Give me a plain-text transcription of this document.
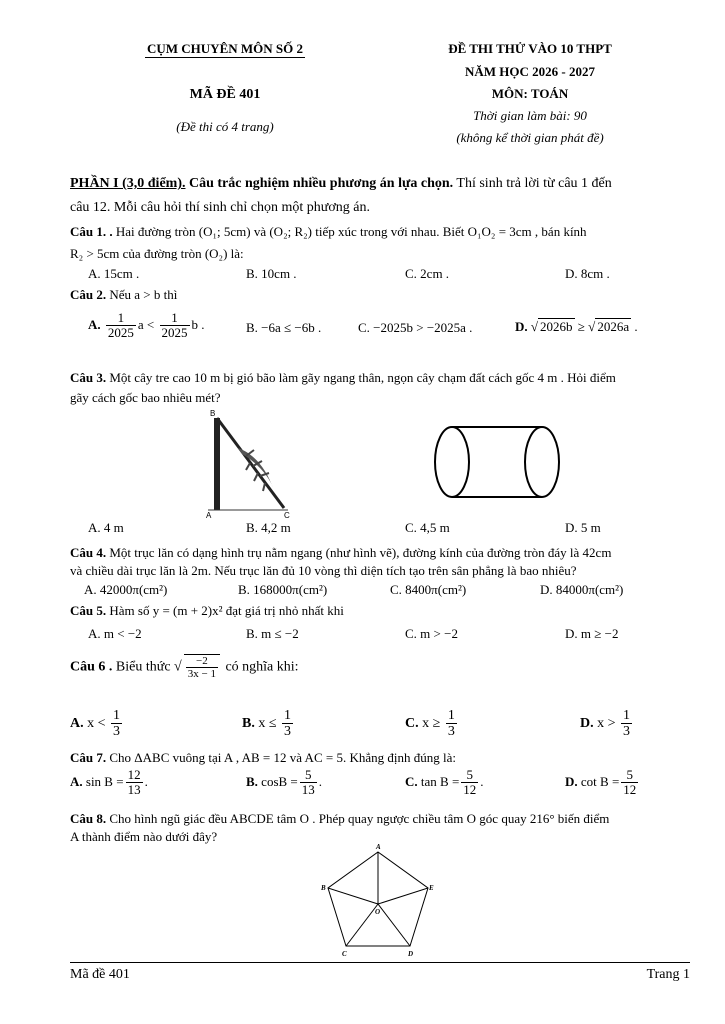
CỤM CHUYÊN MÔN SỐ 2
MÃ ĐỀ 401
(Đề thi có 4 trang)
ĐỀ THI THỬ VÀO 10 THPT
NĂM HỌC 2026 - 2027
MÔN: TOÁN
Thời gian làm bài: 90
(không kể thời gian phát đề)
PHẦN I (3,0 điểm). Câu trắc nghiệm nhiều phương án lựa chọn. Thí sinh trả lời từ câu 1 đến
câu 12. Mỗi câu hỏi thí sinh chỉ chọn một phương án.
Câu 1. . Hai đường tròn (O₁; 5cm) và (O₂; R₂) tiếp xúc trong với nhau. Biết O₁O₂ = 3cm , bán kính
R₂ > 5cm của đường tròn (O₂) là:
A. 15cm .	B. 10cm .	C. 2cm .	D. 8cm .
Câu 2. Nếu a > b thì
A. $\frac{1}{2025}$ $a < \frac{1}{2025}$ b .	B. −6a ≤ −6b .	C. −2025b > −2025a .	D. √ 2026b ≥ √ 2026a .
Câu 3. Một cây tre cao 10 m bị gió bão làm gãy ngang thân, ngọn cây chạm đất cách gốc 4 m . Hỏi điểm
gãy cách gốc bao nhiêu mét?
B
A	C
A. 4 m	B. 4,2 m	C. 4,5 m	D. 5 m
Câu 4. Một trục lăn có dạng hình trụ nằm ngang (như hình vẽ), đường kính của đường tròn đáy là 42cm
và chiều dài trục lăn là 2m. Nếu trục lăn đủ 10 vòng thì diện tích tạo trên sân phẳng là bao nhiêu?
A. 42000π(cm²)	B. 168000π(cm²)	C. 8400π(cm²)	D. 84000π(cm²)
Câu 5. Hàm số y = (m + 2)x² đạt giá trị nhỏ nhất khi
A. m < −2	B. m ≤ −2	C. m > −2	D. m ≥ −2
Câu 6 . Biểu thức √ $\frac{-2}{3x - 1}$ có nghĩa khi:
A. $x < \frac{1}{3}$	B. $x \le \frac{1}{3}$	C. $x \ge \frac{1}{3}$	D. $x > \frac{1}{3}$
Câu 7. Cho ΔABC vuông tại A , AB = 12 và AC = 5. Khẳng định đúng là:
A. $\sin B = \frac{12}{13}$ .	B. $\cos B = \frac{5}{13}$ .	C. $\tan B = \frac{5}{12}$ .	D. $\cot B = \frac{5}{12}$
Câu 8. Cho hình ngũ giác đều ABCDE tâm O . Phép quay ngược chiều tâm O góc quay 216° biến điểm
A thành điểm nào dưới đây?
A
B
C	D
E
O
Mã đề 401	Trang 1
